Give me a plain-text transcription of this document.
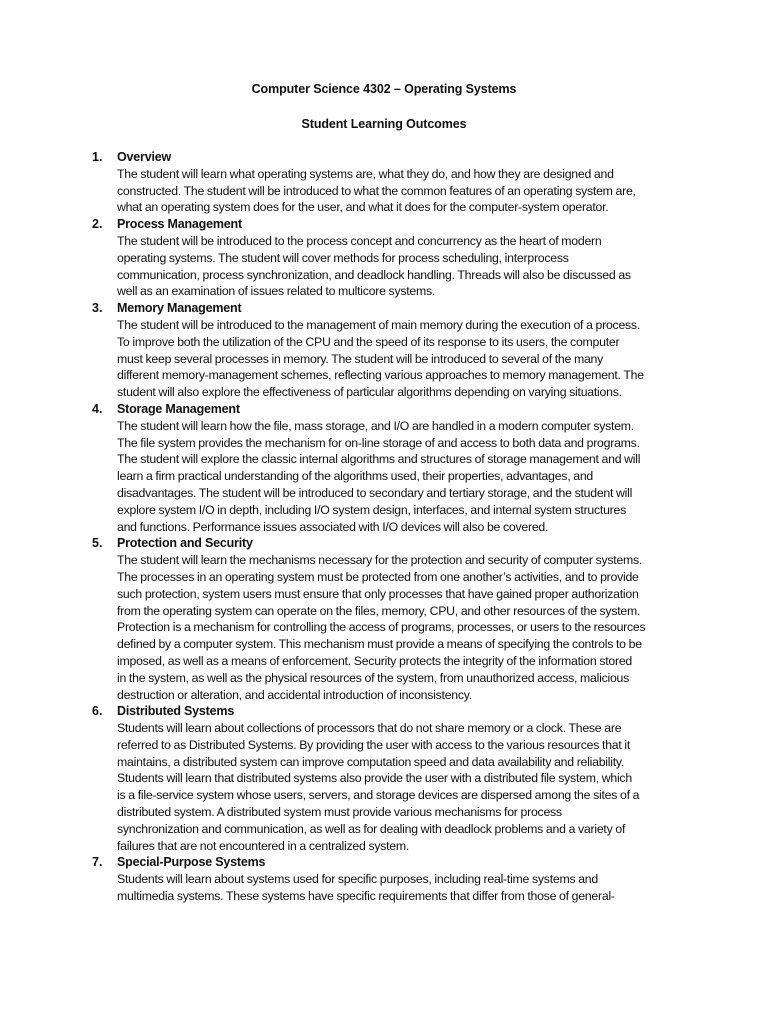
Computer Science 4302 – Operating Systems
Student Learning Outcomes
1. Overview
The student will learn what operating systems are, what they do, and how they are designed and
constructed. The student will be introduced to what the common features of an operating system are,
what an operating system does for the user, and what it does for the computer-system operator.
2. Process Management
The student will be introduced to the process concept and concurrency as the heart of modern
operating systems. The student will cover methods for process scheduling, interprocess
communication, process synchronization, and deadlock handling. Threads will also be discussed as
well as an examination of issues related to multicore systems.
3. Memory Management
The student will be introduced to the management of main memory during the execution of a process.
To improve both the utilization of the CPU and the speed of its response to its users, the computer
must keep several processes in memory. The student will be introduced to several of the many
different memory-management schemes, reflecting various approaches to memory management. The
student will also explore the effectiveness of particular algorithms depending on varying situations.
4. Storage Management
The student will learn how the file, mass storage, and I/O are handled in a modern computer system.
The file system provides the mechanism for on-line storage of and access to both data and programs.
The student will explore the classic internal algorithms and structures of storage management and will
learn a firm practical understanding of the algorithms used, their properties, advantages, and
disadvantages. The student will be introduced to secondary and tertiary storage, and the student will
explore system I/O in depth, including I/O system design, interfaces, and internal system structures
and functions. Performance issues associated with I/O devices will also be covered.
5. Protection and Security
The student will learn the mechanisms necessary for the protection and security of computer systems.
The processes in an operating system must be protected from one another’s activities, and to provide
such protection, system users must ensure that only processes that have gained proper authorization
from the operating system can operate on the files, memory, CPU, and other resources of the system.
Protection is a mechanism for controlling the access of programs, processes, or users to the resources
defined by a computer system. This mechanism must provide a means of specifying the controls to be
imposed, as well as a means of enforcement. Security protects the integrity of the information stored
in the system, as well as the physical resources of the system, from unauthorized access, malicious
destruction or alteration, and accidental introduction of inconsistency.
6. Distributed Systems
Students will learn about collections of processors that do not share memory or a clock. These are
referred to as Distributed Systems. By providing the user with access to the various resources that it
maintains, a distributed system can improve computation speed and data availability and reliability.
Students will learn that distributed systems also provide the user with a distributed file system, which
is a file-service system whose users, servers, and storage devices are dispersed among the sites of a
distributed system. A distributed system must provide various mechanisms for process
synchronization and communication, as well as for dealing with deadlock problems and a variety of
failures that are not encountered in a centralized system.
7. Special-Purpose Systems
Students will learn about systems used for specific purposes, including real-time systems and
multimedia systems. These systems have specific requirements that differ from those of general-
